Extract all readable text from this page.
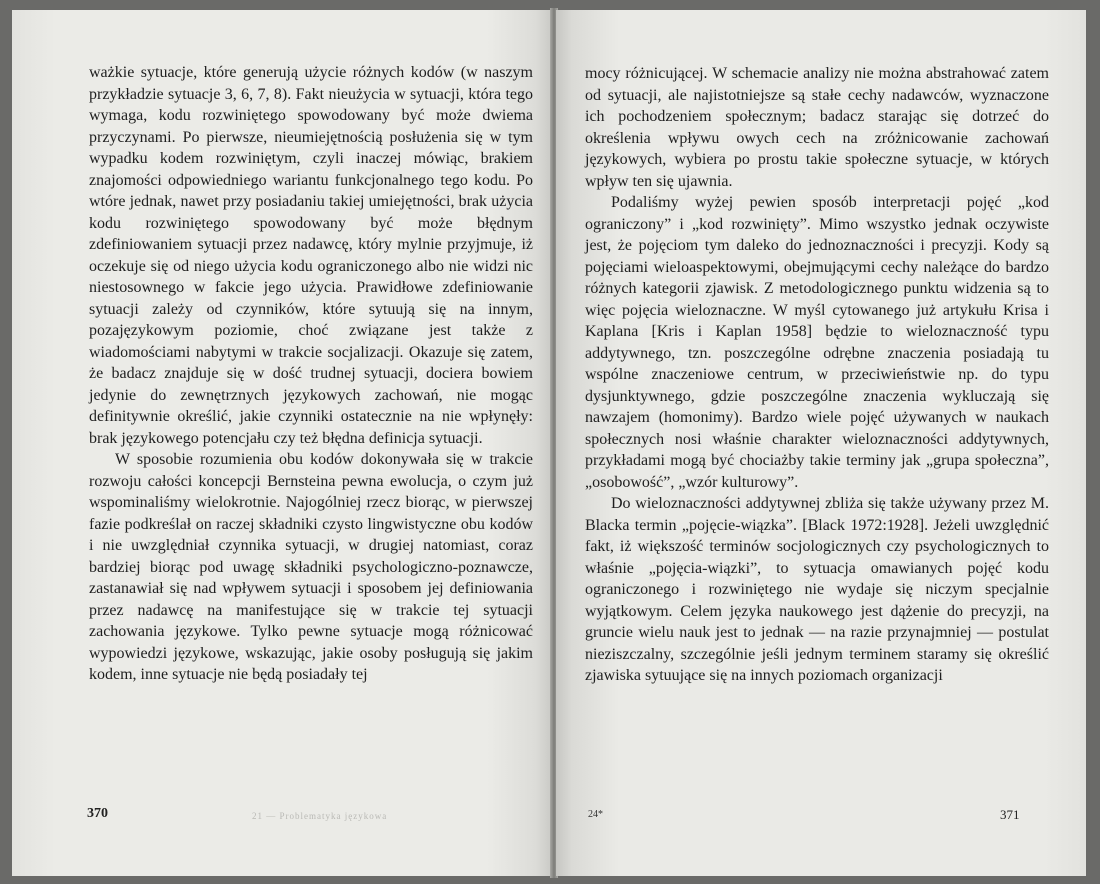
ważkie sytuacje, które generują użycie różnych kodów (w naszym przykładzie sytuacje 3, 6, 7, 8). Fakt nieużycia w sytuacji, która tego wymaga, kodu rozwiniętego spowodowany być może dwiema przyczynami. Po pierwsze, nieumiejętnością posłużenia się w tym wypadku kodem rozwiniętym, czyli inaczej mówiąc, brakiem znajomości odpowiedniego wariantu funkcjonalnego tego kodu. Po wtóre jednak, nawet przy posiadaniu takiej umiejętności, brak użycia kodu rozwiniętego spowodowany być może błędnym zdefiniowaniem sytuacji przez nadawcę, który mylnie przyjmuje, iż oczekuje się od niego użycia kodu ograniczonego albo nie widzi nic niestosownego w fakcie jego użycia. Prawidłowe zdefiniowanie sytuacji zależy od czynników, które sytuują się na innym, pozajęzykowym poziomie, choć związane jest także z wiadomościami nabytymi w trakcie socjalizacji. Okazuje się zatem, że badacz znajduje się w dość trudnej sytuacji, dociera bowiem jedynie do zewnętrznych językowych zachowań, nie mogąc definitywnie określić, jakie czynniki ostatecznie na nie wpłynęły: brak językowego potencjału czy też błędna definicja sytuacji.

W sposobie rozumienia obu kodów dokonywała się w trakcie rozwoju całości koncepcji Bernsteina pewna ewolucja, o czym już wspominaliśmy wielokrotnie. Najogólniej rzecz biorąc, w pierwszej fazie podkreślał on raczej składniki czysto lingwistyczne obu kodów i nie uwzględniał czynnika sytuacji, w drugiej natomiast, coraz bardziej biorąc pod uwagę składniki psychologiczno-poznawcze, zastanawiał się nad wpływem sytuacji i sposobem jej definiowania przez nadawcę na manifestujące się w trakcie tej sytuacji zachowania językowe. Tylko pewne sytuacje mogą różnicować wypowiedzi językowe, wskazując, jakie osoby posługują się jakim kodem, inne sytuacje nie będą posiadały tej

21 — Problematyka językowa
370

mocy różnicującej. W schemacie analizy nie można abstrahować zatem od sytuacji, ale najistotniejsze są stałe cechy nadawców, wyznaczone ich pochodzeniem społecznym; badacz starając się dotrzeć do określenia wpływu owych cech na zróżnicowanie zachowań językowych, wybiera po prostu takie społeczne sytuacje, w których wpływ ten się ujawnia.

Podaliśmy wyżej pewien sposób interpretacji pojęć „kod ograniczony” i „kod rozwinięty”. Mimo wszystko jednak oczywiste jest, że pojęciom tym daleko do jednoznaczności i precyzji. Kody są pojęciami wieloaspektowymi, obejmującymi cechy należące do bardzo różnych kategorii zjawisk. Z metodologicznego punktu widzenia są to więc pojęcia wieloznaczne. W myśl cytowanego już artykułu Krisa i Kaplana [Kris i Kaplan 1958] będzie to wieloznaczność typu addytywnego, tzn. poszczególne odrębne znaczenia posiadają tu wspólne znaczeniowe centrum, w przeciwieństwie np. do typu dysjunktywnego, gdzie poszczególne znaczenia wykluczają się nawzajem (homonimy). Bardzo wiele pojęć używanych w naukach społecznych nosi właśnie charakter wieloznaczności addytywnych, przykładami mogą być chociażby takie terminy jak „grupa społeczna”, „osobowość”, „wzór kulturowy”.

Do wieloznaczności addytywnej zbliża się także używany przez M. Blacka termin „pojęcie-wiązka”. [Black 1972:1928]. Jeżeli uwzględnić fakt, iż większość terminów socjologicznych czy psychologicznych to właśnie „pojęcia-wiązki”, to sytuacja omawianych pojęć kodu ograniczonego i rozwiniętego nie wydaje się niczym specjalnie wyjątkowym. Celem języka naukowego jest dążenie do precyzji, na gruncie wielu nauk jest to jednak — na razie przynajmniej — postulat nieziszczalny, szczególnie jeśli jednym terminem staramy się określić zjawiska sytuujące się na innych poziomach organizacji

24*	371
